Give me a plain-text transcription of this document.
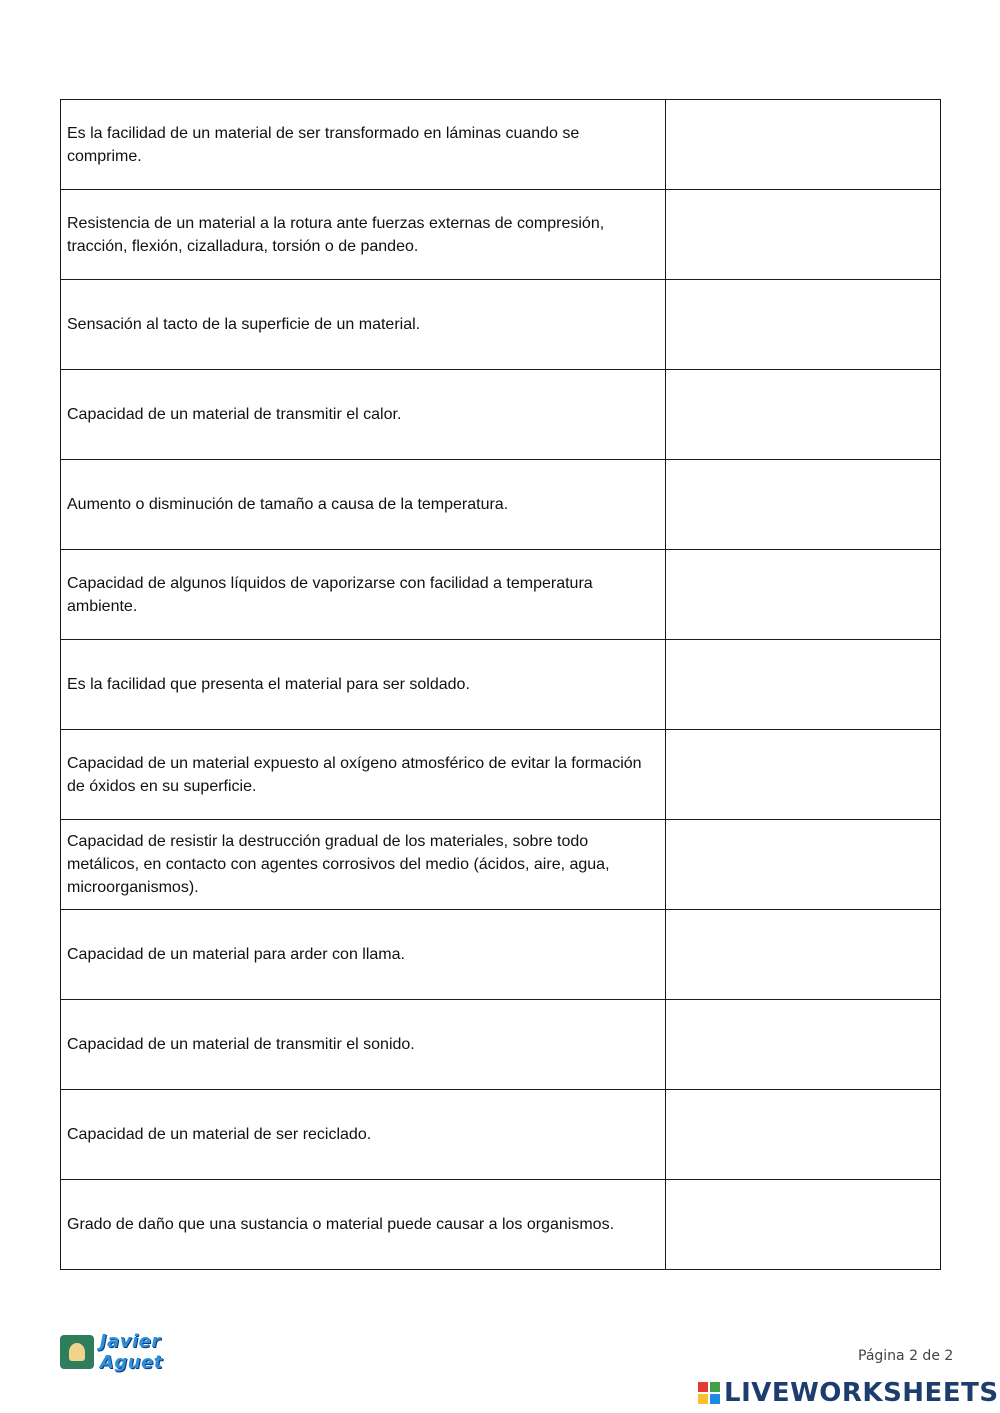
Es la facilidad de un material de ser transformado en láminas cuando se comprime.	

Resistencia de un material a la rotura ante fuerzas externas de compresión, tracción, flexión, cizalladura, torsión o de pandeo.	

Sensación al tacto de la superficie de un material.	

Capacidad de un material de transmitir el calor.	

Aumento o disminución de tamaño a causa de la temperatura.	

Capacidad de algunos líquidos de vaporizarse con facilidad a temperatura ambiente.	

Es la facilidad que presenta el material para ser soldado.	

Capacidad de un material expuesto al oxígeno atmosférico de evitar la formación de óxidos en su superficie.	

Capacidad de resistir la destrucción gradual de los materiales, sobre todo metálicos, en contacto con agentes corrosivos del medio (ácidos, aire, agua, microorganismos).	

Capacidad de un material para arder con llama.	

Capacidad de un material de transmitir el sonido.	

Capacidad de un material de ser reciclado.	

Grado de daño que una sustancia o material puede causar a los organismos.	
Javier Aguet	Página 2 de 2
LIVEWORKSHEETS
